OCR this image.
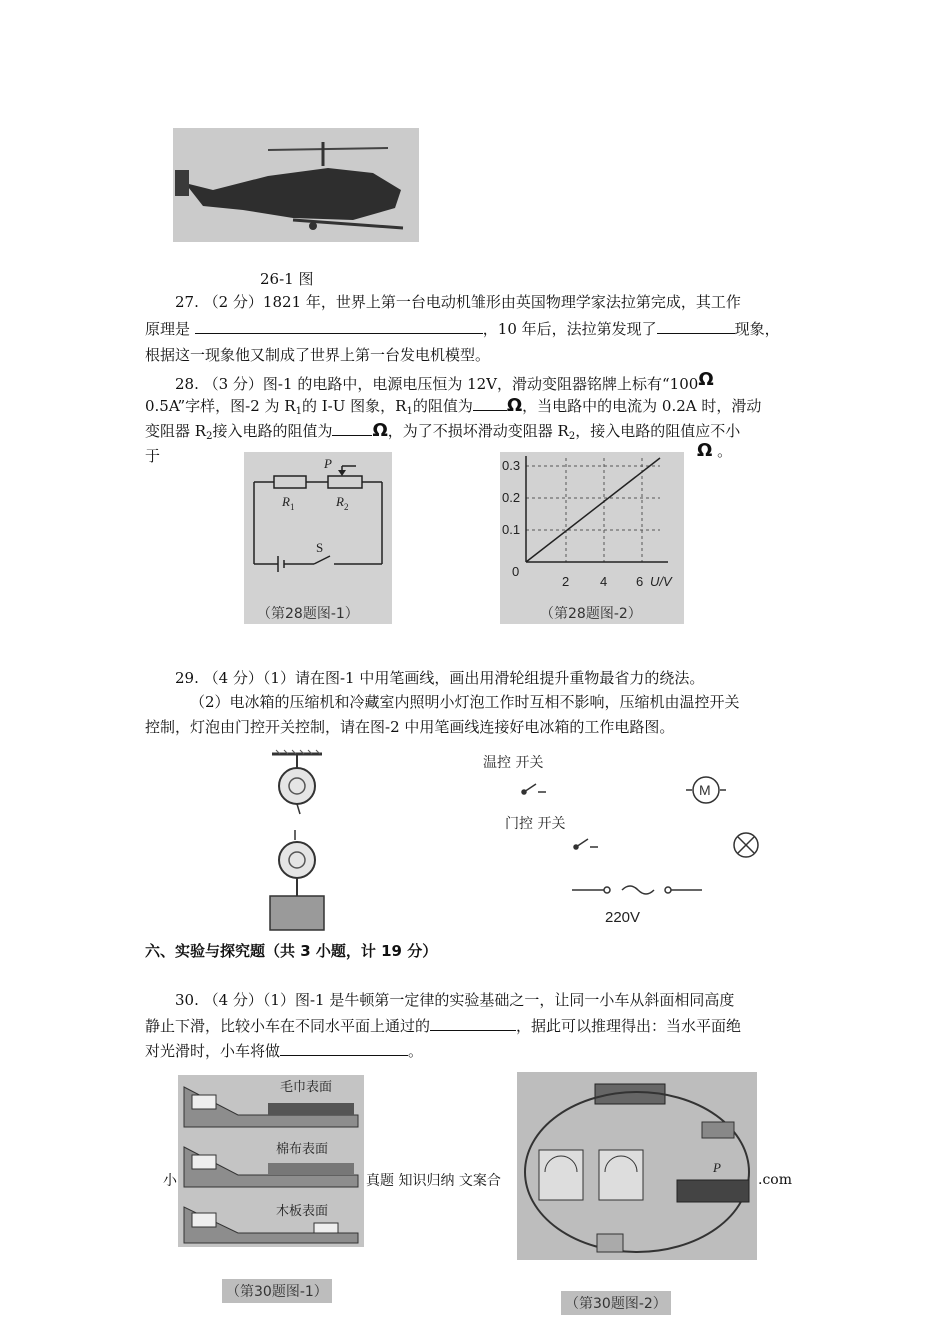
26-1 图
27. （2 分）1821 年，世界上第一台电动机雏形由英国物理学家法拉第完成，其工作
原理是	，10 年后，法拉第发现了	现象，
根据这一现象他又制成了世界上第一台发电机模型。
28. （3 分）图-1 的电路中，电源电压恒为 12V，滑动变阻器铭牌上标有“100Ω
0.5A”字样，图-2 为 $R_1$的 I-U 图象，$R_1$的阻值为 Ω，当电路中的电流为 0.2A 时，滑动
变阻器 $R_2$接入电路的阻值为 Ω，为了不损坏滑动变阻器 $R_2$，接入电路的阻值应不小
于	Ω 。
P
R 1	R 2
S
（第28题图-1）
0.3
0.2
0.1
0
2 4 6 U/V
（第28题图-2）
29. （4 分）（1）请在图-1 中用笔画线，画出用滑轮组提升重物最省力的绕法。
（2）电冰箱的压缩机和冷藏室内照明小灯泡工作时互相不影响，压缩机由温控开关
控制，灯泡由门控开关控制，请在图-2 中用笔画线连接好电冰箱的工作电路图。
温控 开关
M
门控 开关
220V
六、实验与探究题（共 3 小题，计 19 分）
30. （4 分）（1）图-1 是牛顿第一定律的实验基础之一，让同一小车从斜面相同高度
静止下滑，比较小车在不同水平面上通过的	，据此可以推理得出：当水平面绝
对光滑时，小车将做	。
毛巾表面
棉布表面
木板表面
（第30题图-1）
P
（第30题图-2）
小	真题 知识归纳 文案合	.com
